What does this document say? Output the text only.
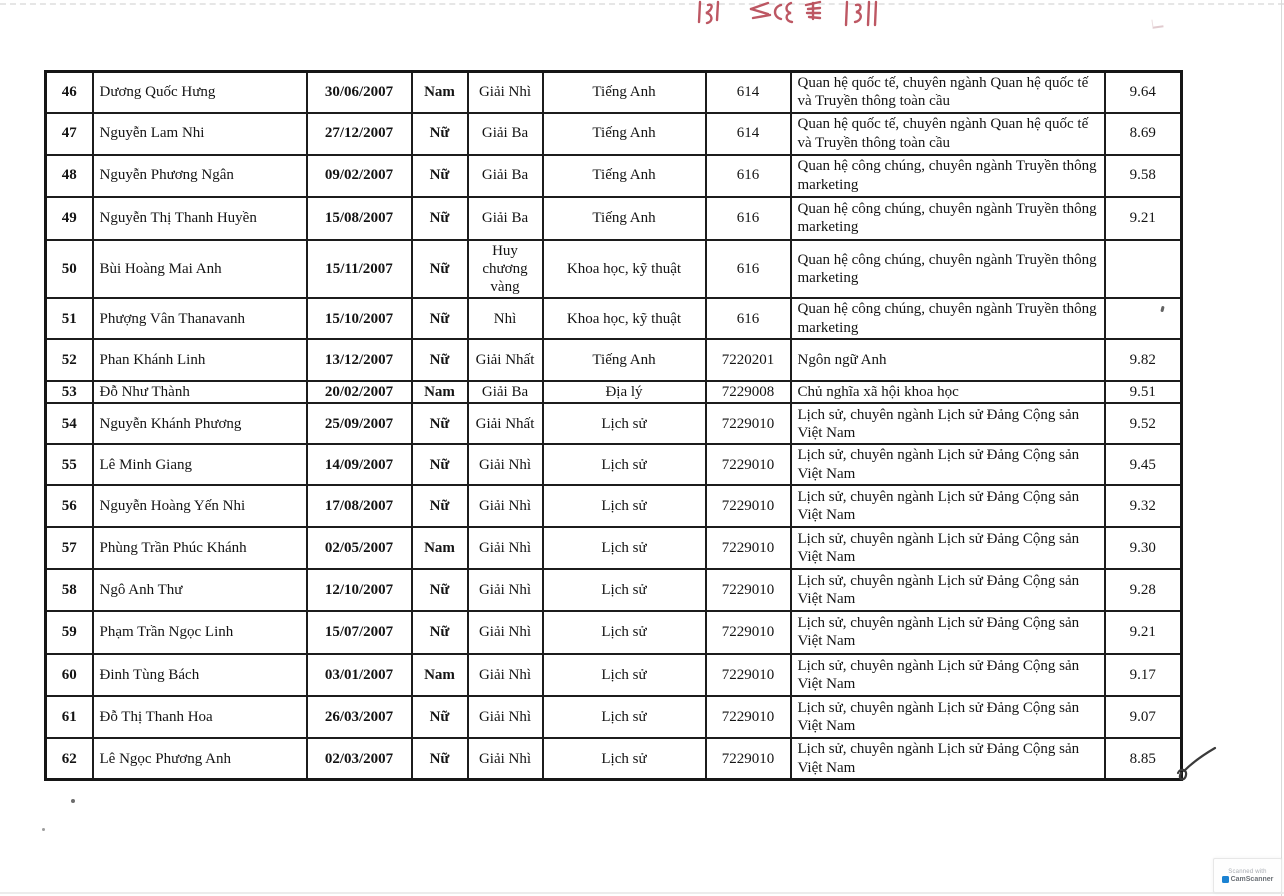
46	Dương Quốc Hưng	30/06/2007	Nam	Giải Nhì	Tiếng Anh	614	Quan hệ quốc tế, chuyên ngành Quan hệ quốc tế và Truyền thông toàn cầu	9.64
47	Nguyễn Lam Nhi	27/12/2007	Nữ	Giải Ba	Tiếng Anh	614	Quan hệ quốc tế, chuyên ngành Quan hệ quốc tế và Truyền thông toàn cầu	8.69
48	Nguyễn Phương Ngân	09/02/2007	Nữ	Giải Ba	Tiếng Anh	616	Quan hệ công chúng, chuyên ngành Truyền thông marketing	9.58
49	Nguyễn Thị Thanh Huyền	15/08/2007	Nữ	Giải Ba	Tiếng Anh	616	Quan hệ công chúng, chuyên ngành Truyền thông marketing	9.21
50	Bùi Hoàng Mai Anh	15/11/2007	Nữ	Huy chương vàng	Khoa học, kỹ thuật	616	Quan hệ công chúng, chuyên ngành Truyền thông marketing	
51	Phượng Vân Thanavanh	15/10/2007	Nữ	Nhì	Khoa học, kỹ thuật	616	Quan hệ công chúng, chuyên ngành Truyền thông marketing	
52	Phan Khánh Linh	13/12/2007	Nữ	Giải Nhất	Tiếng Anh	7220201	Ngôn ngữ Anh	9.82
53	Đỗ Như Thành	20/02/2007	Nam	Giải Ba	Địa lý	7229008	Chủ nghĩa xã hội khoa học	9.51
54	Nguyễn Khánh Phương	25/09/2007	Nữ	Giải Nhất	Lịch sử	7229010	Lịch sử, chuyên ngành Lịch sử Đảng Cộng sản Việt Nam	9.52
55	Lê Minh Giang	14/09/2007	Nữ	Giải Nhì	Lịch sử	7229010	Lịch sử, chuyên ngành Lịch sử Đảng Cộng sản Việt Nam	9.45
56	Nguyễn Hoàng Yến Nhi	17/08/2007	Nữ	Giải Nhì	Lịch sử	7229010	Lịch sử, chuyên ngành Lịch sử Đảng Cộng sản Việt Nam	9.32
57	Phùng Trần Phúc Khánh	02/05/2007	Nam	Giải Nhì	Lịch sử	7229010	Lịch sử, chuyên ngành Lịch sử Đảng Cộng sản Việt Nam	9.30
58	Ngô Anh Thư	12/10/2007	Nữ	Giải Nhì	Lịch sử	7229010	Lịch sử, chuyên ngành Lịch sử Đảng Cộng sản Việt Nam	9.28
59	Phạm Trần Ngọc Linh	15/07/2007	Nữ	Giải Nhì	Lịch sử	7229010	Lịch sử, chuyên ngành Lịch sử Đảng Cộng sản Việt Nam	9.21
60	Đinh Tùng Bách	03/01/2007	Nam	Giải Nhì	Lịch sử	7229010	Lịch sử, chuyên ngành Lịch sử Đảng Cộng sản Việt Nam	9.17
61	Đỗ Thị Thanh Hoa	26/03/2007	Nữ	Giải Nhì	Lịch sử	7229010	Lịch sử, chuyên ngành Lịch sử Đảng Cộng sản Việt Nam	9.07
62	Lê Ngọc Phương Anh	02/03/2007	Nữ	Giải Nhì	Lịch sử	7229010	Lịch sử, chuyên ngành Lịch sử Đảng Cộng sản Việt Nam	8.85
Scanned with
CamScanner
